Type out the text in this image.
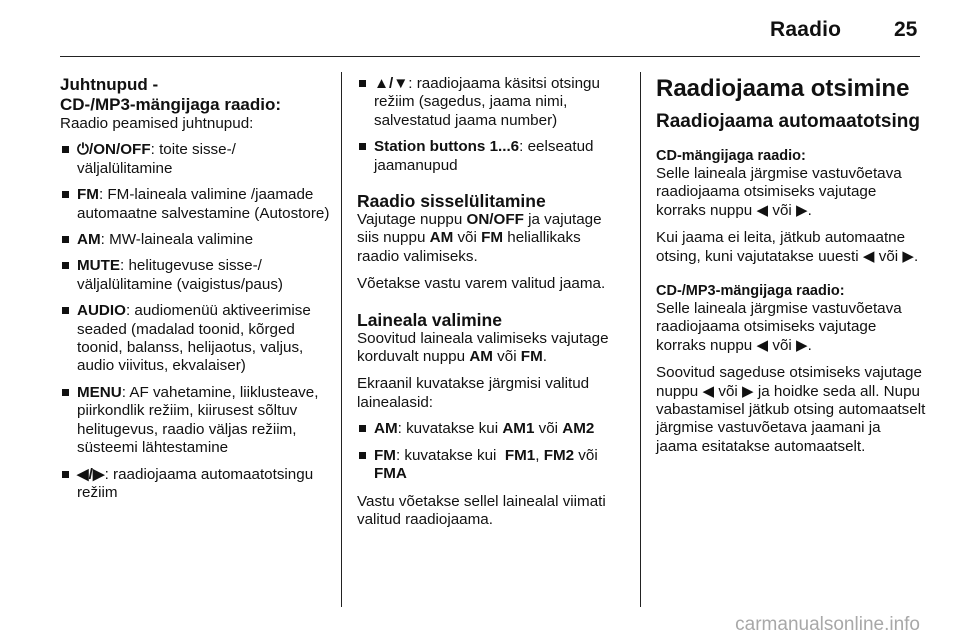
Raadio	25
Juhtnupud -
CD-/MP3-mängijaga raadio:

Raadio peamised juhtnupud:

⏻/ON/OFF: toite sisse-/ väljalülitamine
FM: FM-laineala valimine /jaamade automaatne salvestamine (Autostore)
AM: MW-laineala valimine
MUTE: helitugevuse sisse-/ väljalülitamine (vaigistus/paus)
AUDIO: audiomenüü aktiveerimise seaded (madalad toonid, kõrged toonid, balanss, helijaotus, valjus, audio viivitus, ekvalaiser)
MENU: AF vahetamine, liiklusteave, piirkondlik režiim, kiirusest sõltuv helitugevus, raadio väljas režiim, süsteemi lähtestamine
◀/▶: raadiojaama automaatotsingu režiim
▲/▼: raadiojaama käsitsi otsingu režiim (sagedus, jaama nimi, salvestatud jaama number)
Station buttons 1...6: eelseatud jaamanupud
Raadio sisselülitamine

Vajutage nuppu ON/OFF ja vajutage siis nuppu AM või FM heliallikaks raadio valimiseks.

Võetakse vastu varem valitud jaama.

Laineala valimine

Soovitud laineala valimiseks vajutage korduvalt nuppu AM või FM.

Ekraanil kuvatakse järgmisi valitud lainealasid:

AM: kuvatakse kui AM1 või AM2
FM: kuvatakse kui  FM1, FM2 või FMA

Vastu võetakse sellel lainealal viimati valitud raadiojaama.

Raadiojaama otsimine
Raadiojaama automaatotsing
CD-mängijaga raadio:

Selle laineala järgmise vastuvõetava raadiojaama otsimiseks vajutage korraks nuppu ◀ või ▶.

Kui jaama ei leita, jätkub automaatne otsing, kuni vajutatakse uuesti ◀ või ▶.

CD-/MP3-mängijaga raadio:

Selle laineala järgmise vastuvõetava raadiojaama otsimiseks vajutage korraks nuppu ◀ või ▶.

Soovitud sageduse otsimiseks vajutage nuppu ◀ või ▶ ja hoidke seda all. Nupu vabastamisel jätkub otsing automaatselt järgmise vastuvõetava jaamani ja jaama esitatakse automaatselt.

carmanualsonline.info
